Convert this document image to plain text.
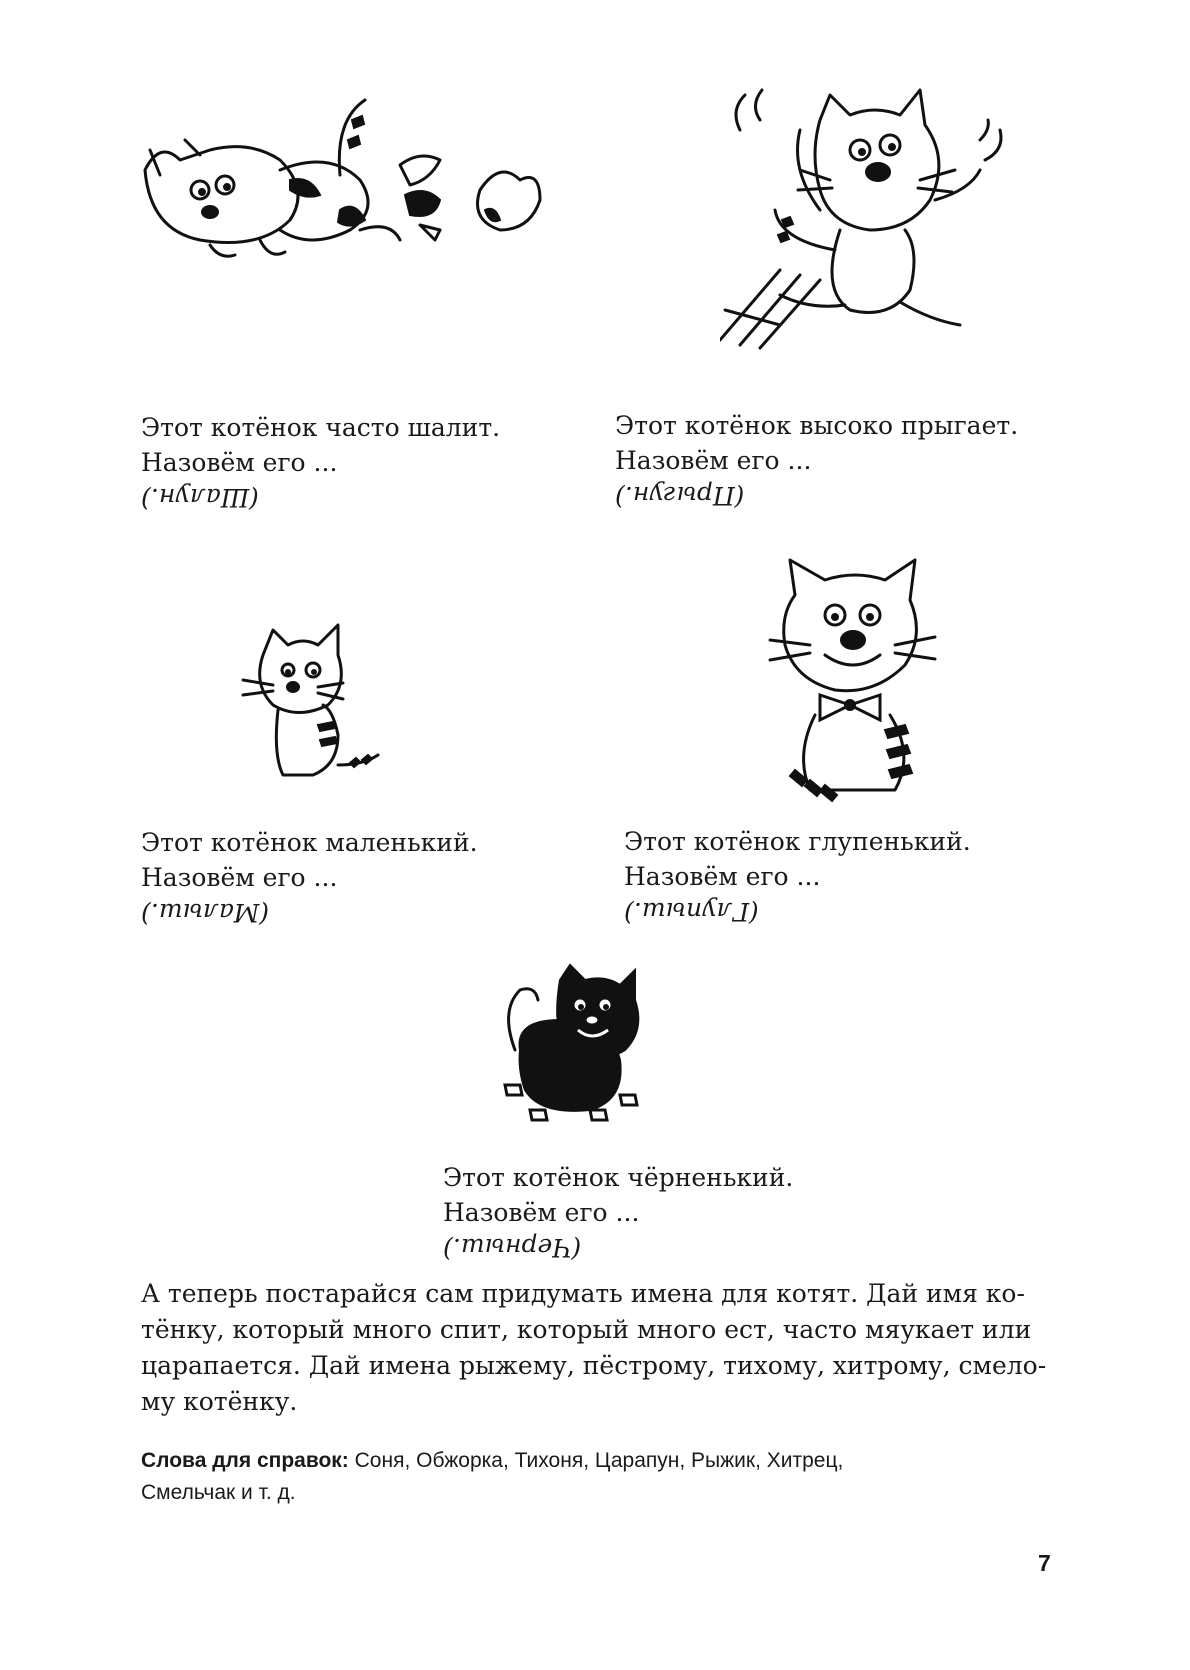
Этот котёнок часто шалит.
Назовём его ...
(Шалун.)
Этот котёнок высоко прыгает.
Назовём его ...
(Прыгун.)
Этот котёнок маленький.
Назовём его ...
(Малыш.)
Этот котёнок глупенький.
Назовём его ...
(Глупыш.)
Этот котёнок чёрненький.
Назовём его ...
(Черныш.)
А теперь постарайся сам придумать имена для котят. Дай имя ко-
тёнку, который много спит, который много ест, часто мяукает или
царапается. Дай имена рыжему, пёстрому, тихому, хитрому, смело-
му котёнку.
Слова для справок: Соня, Обжорка, Тихоня, Царапун, Рыжик, Хитрец,
Смельчак и т. д.
7
